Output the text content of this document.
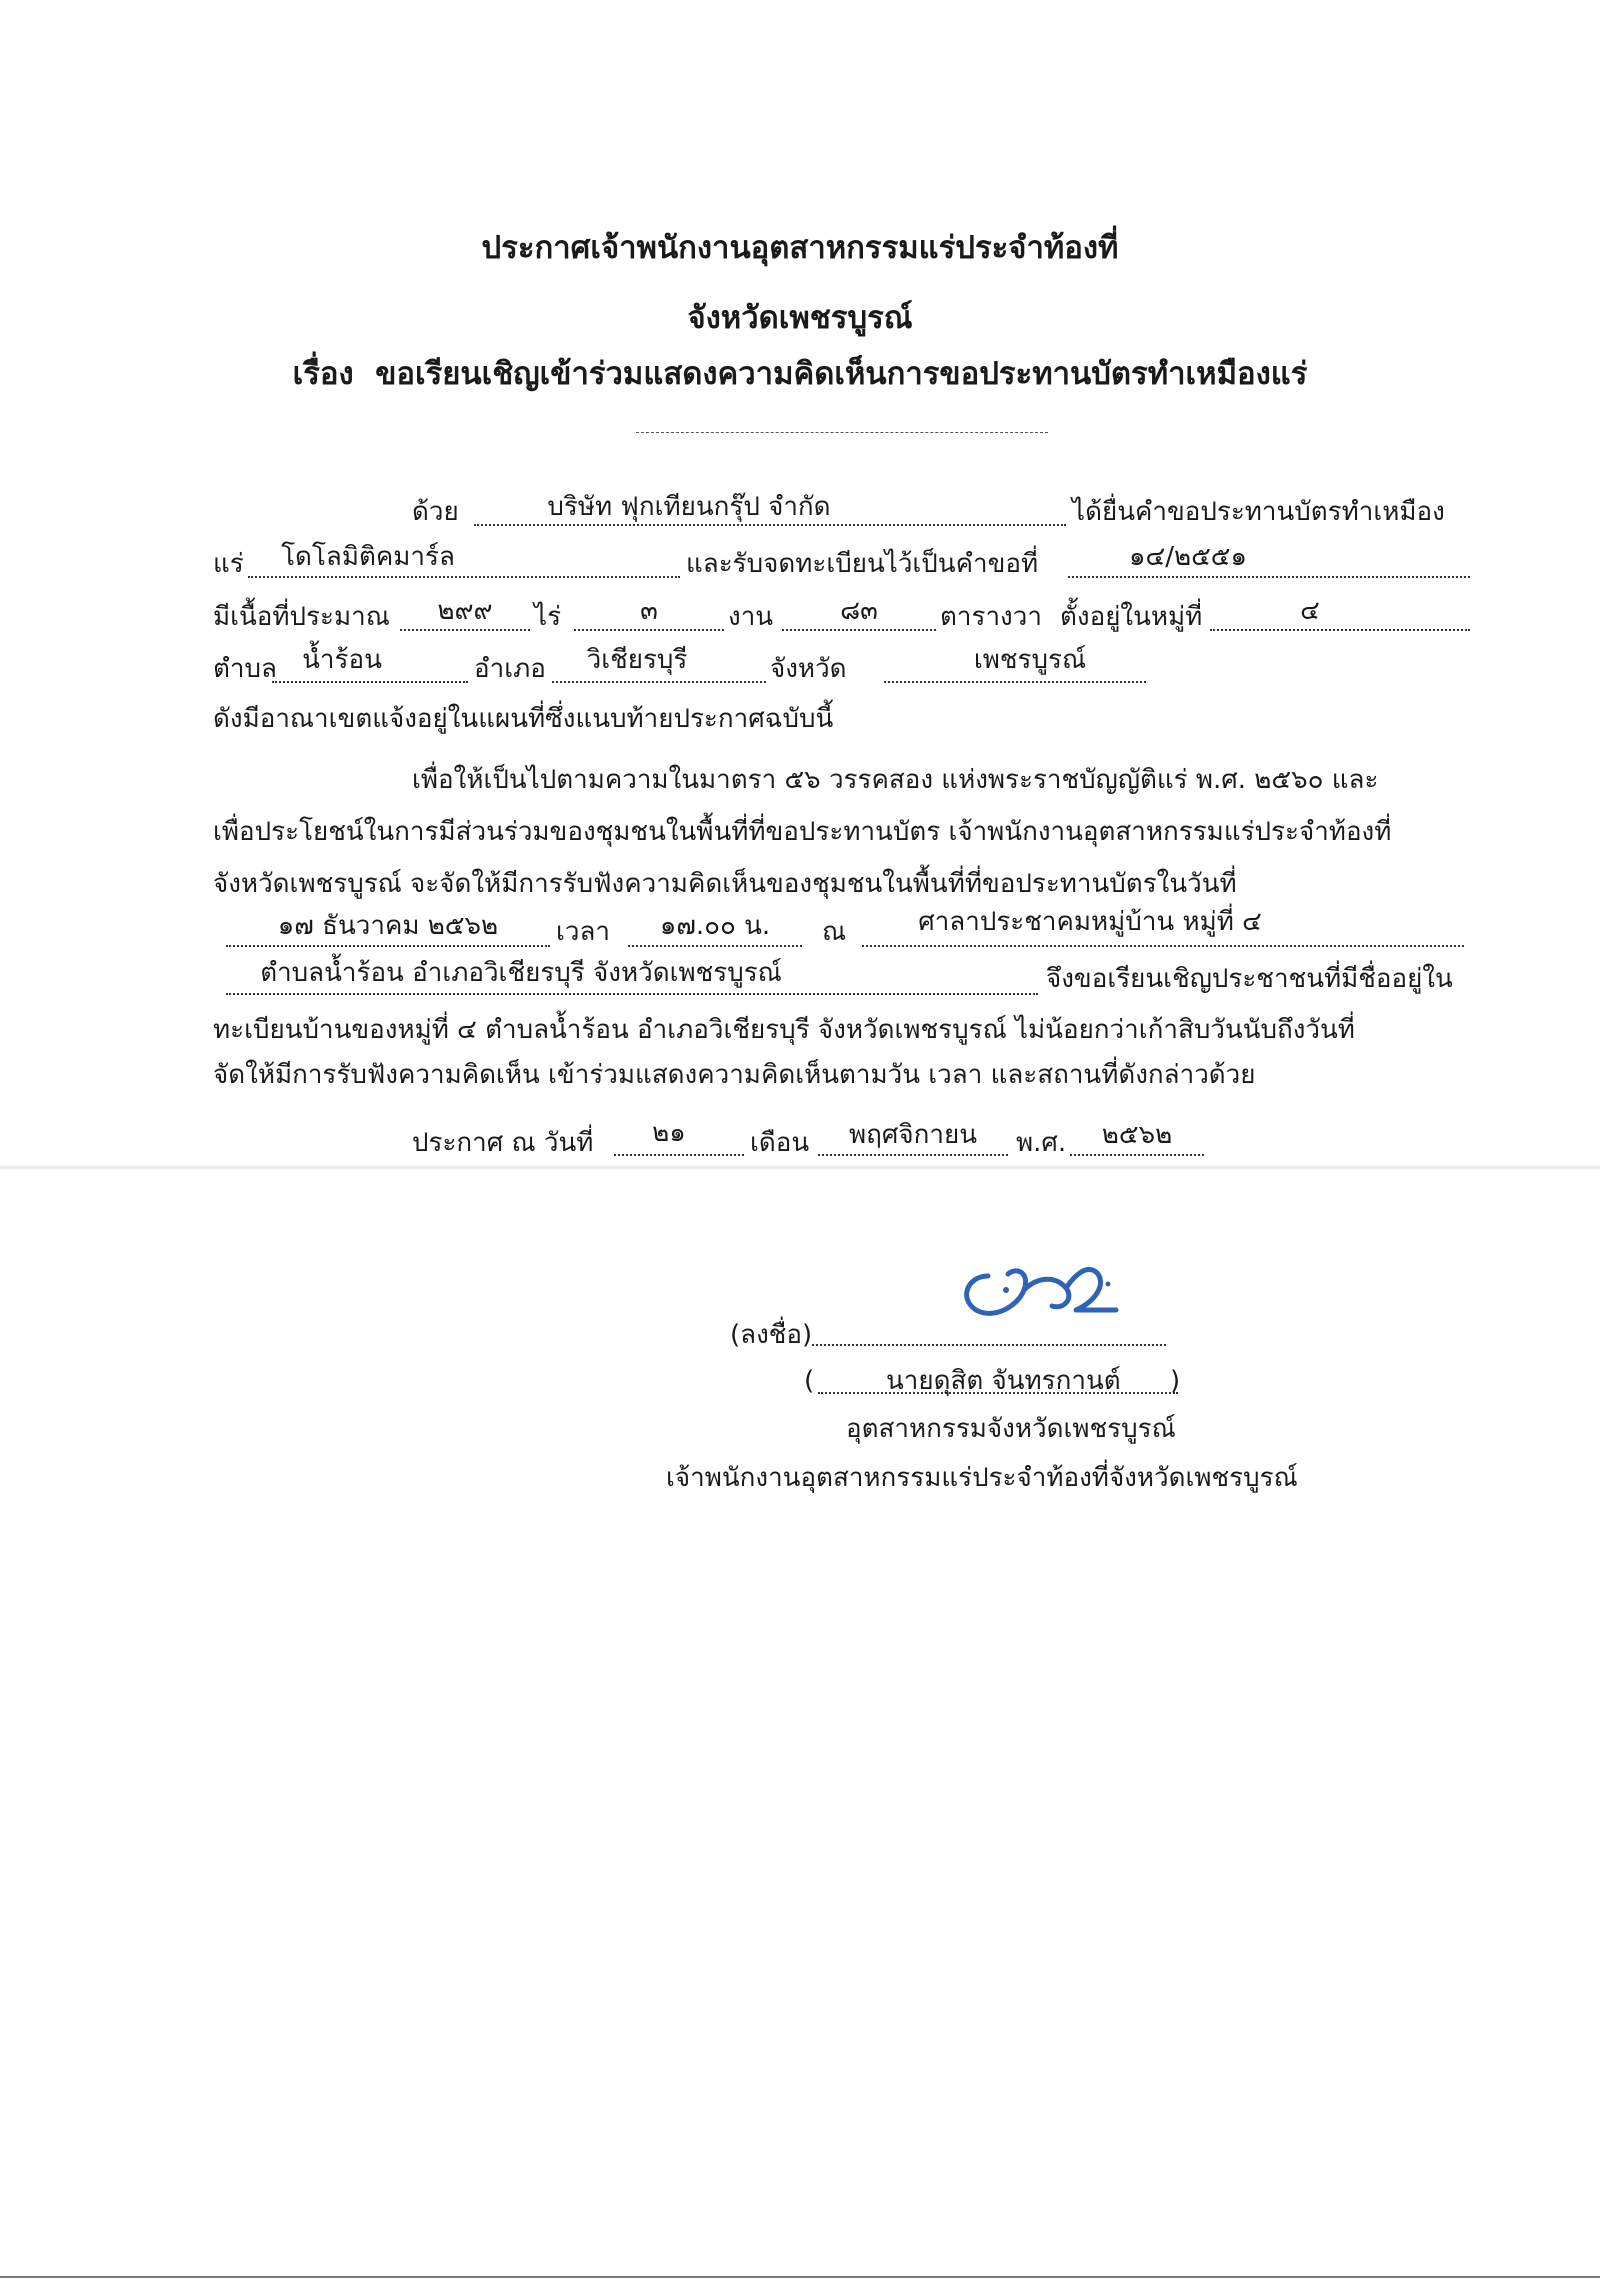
ประกาศเจ้าพนักงานอุตสาหกรรมแร่ประจำท้องที่
จังหวัดเพชรบูรณ์
เรื่อง ขอเรียนเชิญเข้าร่วมแสดงความคิดเห็นการขอประทานบัตรทำเหมืองแร่
ด้วย	บริษัท ฟุกเทียนกรุ๊ป จำกัด	ได้ยื่นคำขอประทานบัตรทำเหมือง
แร่	โดโลมิติคมาร์ล	และรับจดทะเบียนไว้เป็นคำขอที่	๑๔/๒๕๕๑
มีเนื้อที่ประมาณ	๒๙๙	ไร่	๓	งาน	๘๓	ตารางวา ตั้งอยู่ในหมู่ที่	๔
ตำบล น้ำร้อน	อำเภอ	วิเชียรบุรี	จังหวัด	เพชรบูรณ์
ดังมีอาณาเขตแจ้งอยู่ในแผนที่ซึ่งแนบท้ายประกาศฉบับนี้
เพื่อให้เป็นไปตามความในมาตรา ๕๖ วรรคสอง แห่งพระราชบัญญัติแร่ พ.ศ. ๒๕๖๐ และ
เพื่อประโยชน์ในการมีส่วนร่วมของชุมชนในพื้นที่ที่ขอประทานบัตร เจ้าพนักงานอุตสาหกรรมแร่ประจำท้องที่
จังหวัดเพชรบูรณ์ จะจัดให้มีการรับฟังความคิดเห็นของชุมชนในพื้นที่ที่ขอประทานบัตรในวันที่
๑๗ ธันวาคม ๒๕๖๒	เวลา	๑๗.๐๐ น.	ณ	ศาลาประชาคมหมู่บ้าน หมู่ที่ ๔
ตำบลน้ำร้อน อำเภอวิเชียรบุรี จังหวัดเพชรบูรณ์	จึงขอเรียนเชิญประชาชนที่มีชื่ออยู่ใน
ทะเบียนบ้านของหมู่ที่ ๔ ตำบลน้ำร้อน อำเภอวิเชียรบุรี จังหวัดเพชรบูรณ์ ไม่น้อยกว่าเก้าสิบวันนับถึงวันที่
จัดให้มีการรับฟังความคิดเห็น เข้าร่วมแสดงความคิดเห็นตามวัน เวลา และสถานที่ดังกล่าวด้วย
ประกาศ ณ วันที่	๒๑	เดือน	พฤศจิกายน	พ.ศ.	๒๕๖๒
(ลงชื่อ)
(	นายดุสิต จันทรกานต์ )
อุตสาหกรรมจังหวัดเพชรบูรณ์
เจ้าพนักงานอุตสาหกรรมแร่ประจำท้องที่จังหวัดเพชรบูรณ์
